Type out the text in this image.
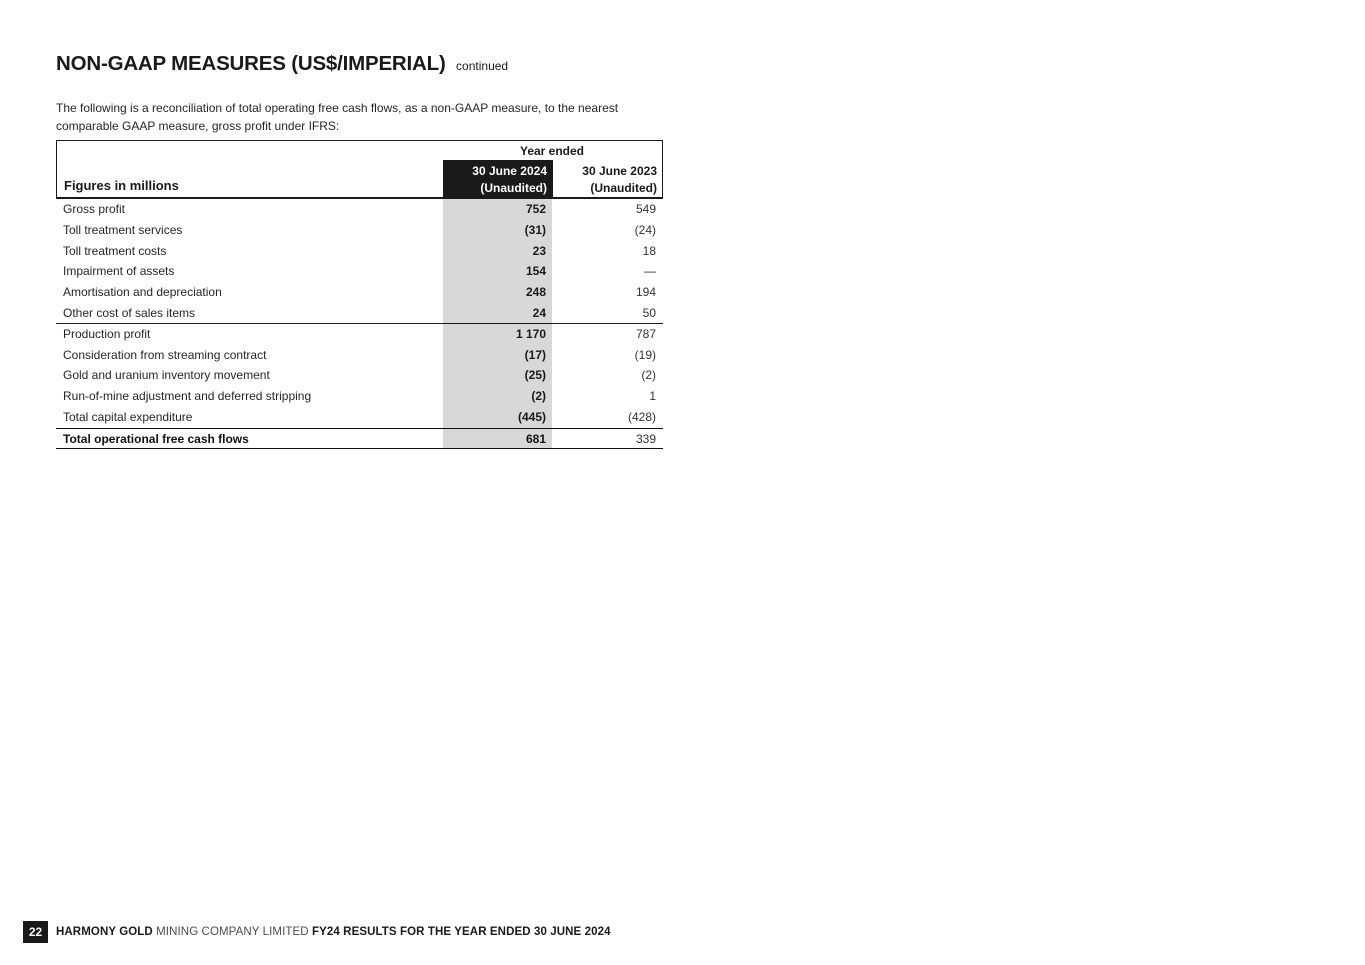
NON-GAAP MEASURES (US$/IMPERIAL) continued

The following is a reconciliation of total operating free cash flows, as a non-GAAP measure, to the nearest comparable GAAP measure, gross profit under IFRS:

Year ended
Figures in millions
30 June 2024
(Unaudited)
30 June 2023
(Unaudited)
Gross profit	752	549
Toll treatment services	(31)	(24)
Toll treatment costs	23	18
Impairment of assets	154	—
Amortisation and depreciation	248	194
Other cost of sales items	24	50
Production profit	1 170	787
Consideration from streaming contract	(17)	(19)
Gold and uranium inventory movement	(25)	(2)
Run-of-mine adjustment and deferred stripping	(2)	1
Total capital expenditure	(445)	(428)
Total operational free cash flows	681	339
22	HARMONY GOLD MINING COMPANY LIMITED FY24 RESULTS FOR THE YEAR ENDED 30 JUNE 2024
